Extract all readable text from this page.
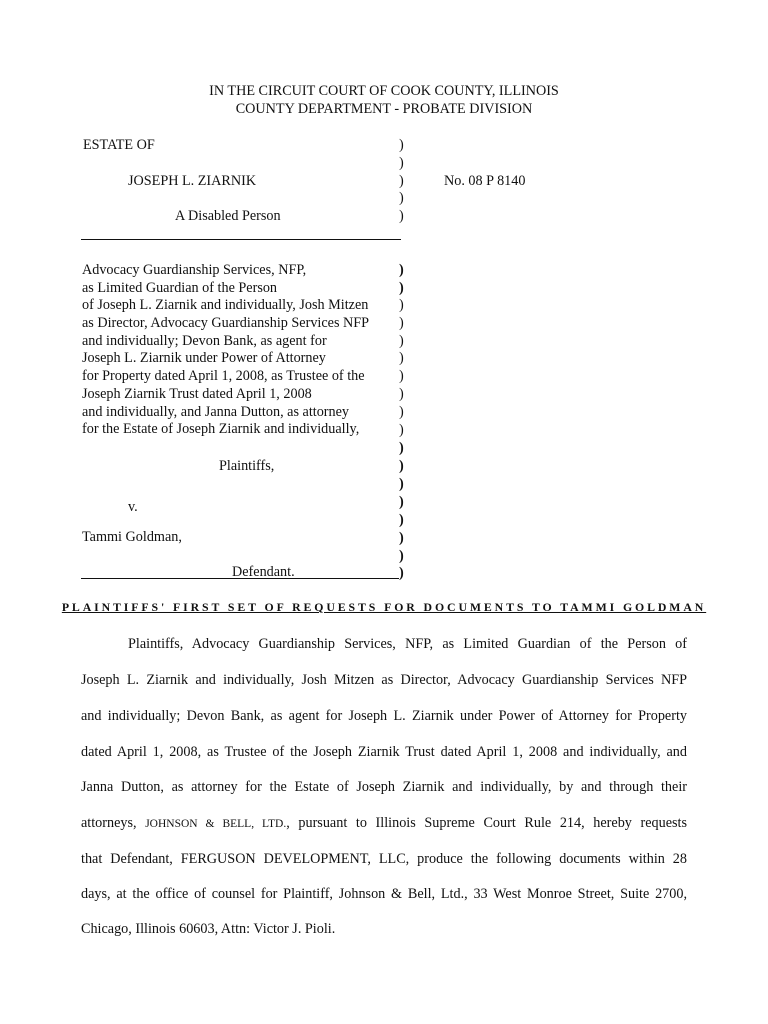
IN THE CIRCUIT COURT OF COOK COUNTY, ILLINOIS
COUNTY DEPARTMENT - PROBATE DIVISION
ESTATE OF
JOSEPH L. ZIARNIK
A Disabled Person
No. 08 P 8140
)
)
)
)
)
Advocacy Guardianship Services, NFP,
as Limited Guardian of the Person
of Joseph L. Ziarnik and individually, Josh Mitzen
as Director, Advocacy Guardianship Services NFP
and individually; Devon Bank, as agent for
Joseph L. Ziarnik under Power of Attorney
for Property dated April 1, 2008, as Trustee of the
Joseph Ziarnik Trust dated April 1, 2008
and individually, and Janna Dutton, as attorney
for the Estate of Joseph Ziarnik and individually,
Plaintiffs,
v.
Tammi Goldman,
Defendant.
)
)
)
)
)
)
)
)
)
)
)
)
)
)
)
)
)
)
PLAINTIFFS' FIRST SET OF REQUESTS FOR DOCUMENTS TO TAMMI GOLDMAN
Plaintiffs, Advocacy Guardianship Services, NFP, as Limited Guardian of the Person of
Joseph L. Ziarnik and individually, Josh Mitzen as Director, Advocacy Guardianship Services NFP
and individually; Devon Bank, as agent for Joseph L. Ziarnik under Power of Attorney for Property
dated April 1, 2008, as Trustee of the Joseph Ziarnik Trust dated April 1, 2008 and individually, and
Janna Dutton, as attorney for the Estate of Joseph Ziarnik and individually, by and through their
attorneys, JOHNSON & BELL, LTD., pursuant to Illinois Supreme Court Rule 214, hereby requests
that Defendant, FERGUSON DEVELOPMENT, LLC, produce the following documents within 28
days, at the office of counsel for Plaintiff, Johnson & Bell, Ltd., 33 West Monroe Street, Suite 2700,
Chicago, Illinois 60603, Attn: Victor J. Pioli.
